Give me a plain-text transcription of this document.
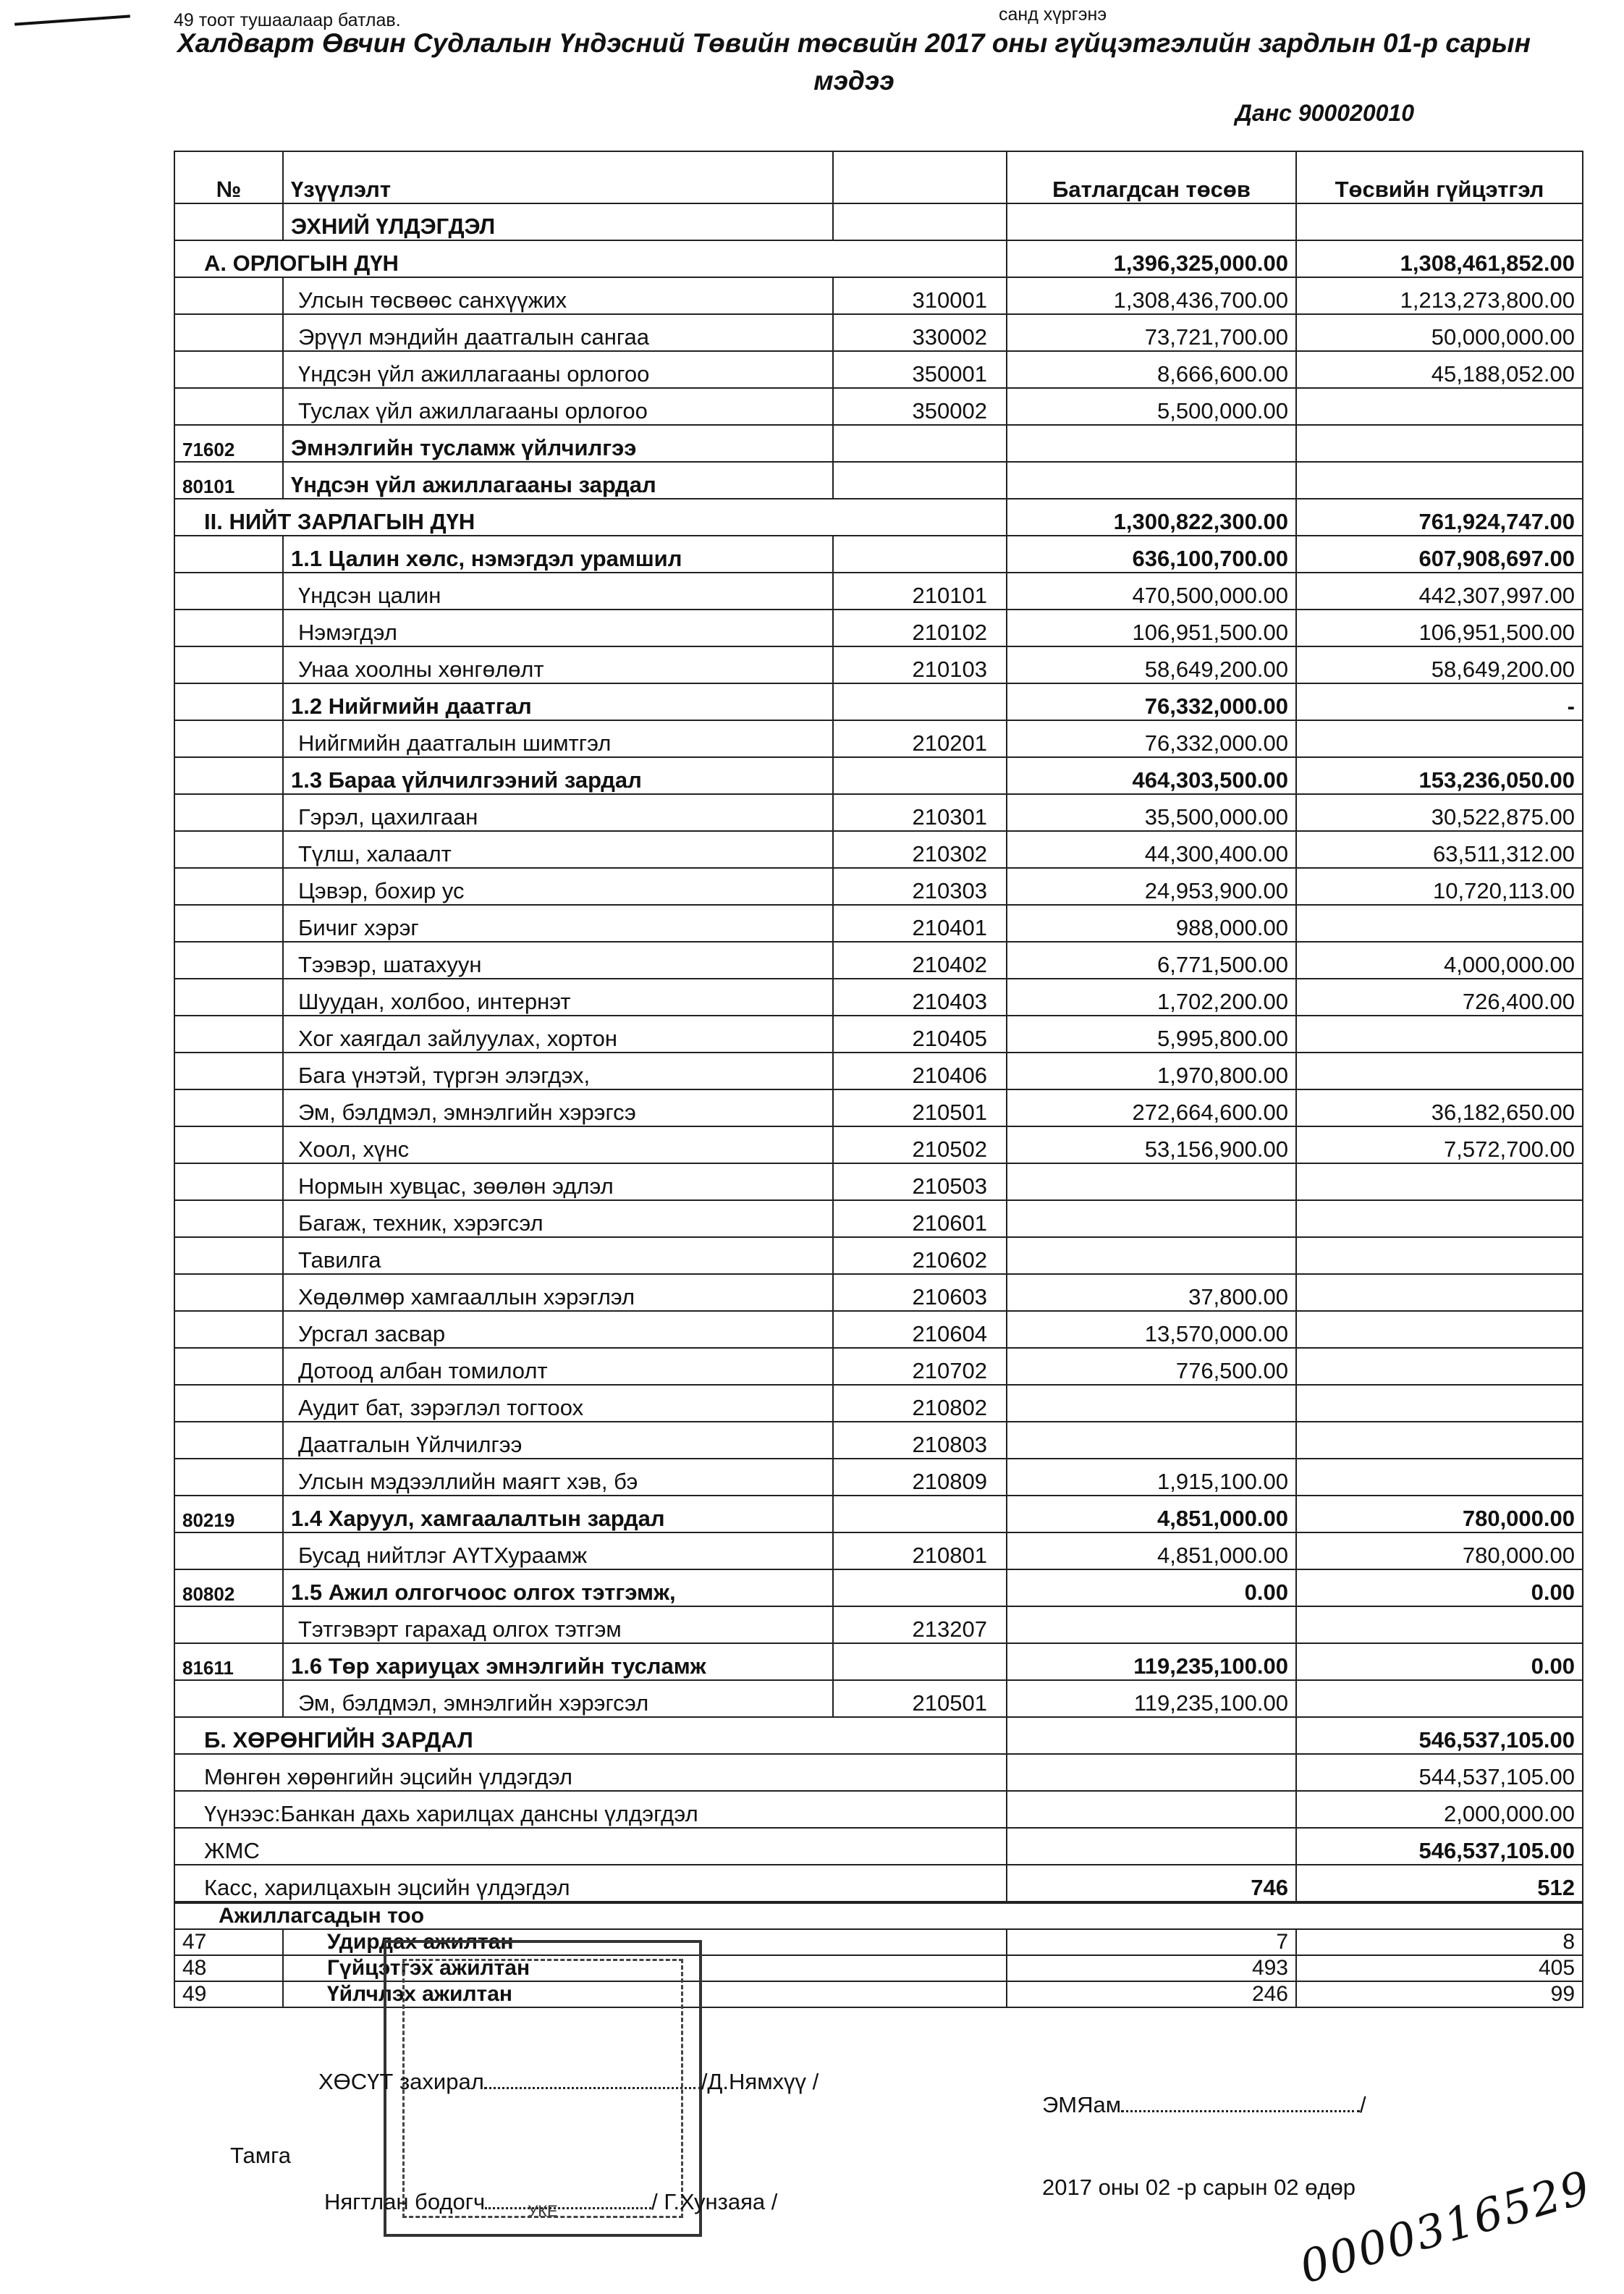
49 тоот тушаалаар батлав.	санд хүргэнэ
Халдварт Өвчин Судлалын Үндэсний Төвийн төсвийн 2017 оны гүйцэтгэлийн зардлын 01-р сарын
мэдээ
Данс 900020010
№	Үзүүлэлт		Батлагдсан төсөв	Төсвийн гүйцэтгэл
	ЭХНИЙ ҮЛДЭГДЭЛ			
А. ОРЛОГЫН ДҮН			1,396,325,000.00	1,308,461,852.00
	Улсын төсвөөс санхүүжих	310001	1,308,436,700.00	1,213,273,800.00
	Эрүүл мэндийн даатгалын сангаа	330002	73,721,700.00	50,000,000.00
	Үндсэн үйл ажиллагааны орлогоо	350001	8,666,600.00	45,188,052.00
	Туслах үйл ажиллагааны орлогоо	350002	5,500,000.00	
71602	Эмнэлгийн тусламж үйлчилгээ			
80101	Үндсэн үйл ажиллагааны зардал			
II. НИЙТ ЗАРЛАГЫН ДҮН			1,300,822,300.00	761,924,747.00
	1.1 Цалин хөлс, нэмэгдэл урамшил		636,100,700.00	607,908,697.00
	Үндсэн цалин	210101	470,500,000.00	442,307,997.00
	Нэмэгдэл	210102	106,951,500.00	106,951,500.00
	Унаа хоолны хөнгөлөлт	210103	58,649,200.00	58,649,200.00
	1.2 Нийгмийн даатгал		76,332,000.00	-
	Нийгмийн даатгалын шимтгэл	210201	76,332,000.00	
	1.3 Бараа үйлчилгээний зардал		464,303,500.00	153,236,050.00
	Гэрэл, цахилгаан	210301	35,500,000.00	30,522,875.00
	Түлш, халаалт	210302	44,300,400.00	63,511,312.00
	Цэвэр, бохир ус	210303	24,953,900.00	10,720,113.00
	Бичиг хэрэг	210401	988,000.00	
	Тээвэр, шатахуун	210402	6,771,500.00	4,000,000.00
	Шуудан, холбоо, интернэт	210403	1,702,200.00	726,400.00
	Хог хаягдал зайлуулах, хортон	210405	5,995,800.00	
	Бага үнэтэй, түргэн элэгдэх,	210406	1,970,800.00	
	Эм, бэлдмэл, эмнэлгийн хэрэгсэ	210501	272,664,600.00	36,182,650.00
	Хоол, хүнс	210502	53,156,900.00	7,572,700.00
	Нормын хувцас, зөөлөн эдлэл	210503		
	Багаж, техник, хэрэгсэл	210601		
	Тавилга	210602		
	Хөдөлмөр хамгааллын хэрэглэл	210603	37,800.00	
	Урсгал засвар	210604	13,570,000.00	
	Дотоод албан томилолт	210702	776,500.00	
	Аудит бат, зэрэглэл тогтоох	210802		
	Даатгалын Үйлчилгээ	210803		
	Улсын мэдээллийн маягт хэв, бэ	210809	1,915,100.00	
80219	1.4 Харуул, хамгаалалтын зардал		4,851,000.00	780,000.00
	Бусад нийтлэг АҮТХураамж	210801	4,851,000.00	780,000.00
80802	1.5 Ажил олгогчоос олгох тэтгэмж,		0.00	0.00
	Тэтгэвэрт гарахад олгох тэтгэм	213207		
81611	1.6 Төр хариуцах эмнэлгийн тусламж		119,235,100.00	0.00
	Эм, бэлдмэл, эмнэлгийн хэрэгсэл	210501	119,235,100.00	
Б. ХӨРӨНГИЙН ЗАРДАЛ				546,537,105.00
Мөнгөн хөрөнгийн эцсийн үлдэгдэл				544,537,105.00
Үүнээс:Банкан дахь харилцах дансны үлдэгдэл				2,000,000.00
ЖМС				546,537,105.00
Касс, харилцахын эцсийн үлдэгдэл			746	512
Ажиллагсадын тоо			
47	Удирдах ажилтан	7	8
48	Гүйцэтгэх ажилтан	493	405
49	Үйлчлэх ажилтан	246	99
УКЕ
ХӨСҮТ захирал	/Д.Нямхүү /
Тамга
Нягтлан бодогч	/ Г.Хунзаяа /
ЭМЯам	/
2017 оны 02 -р сарын 02 өдөр
0000316529
